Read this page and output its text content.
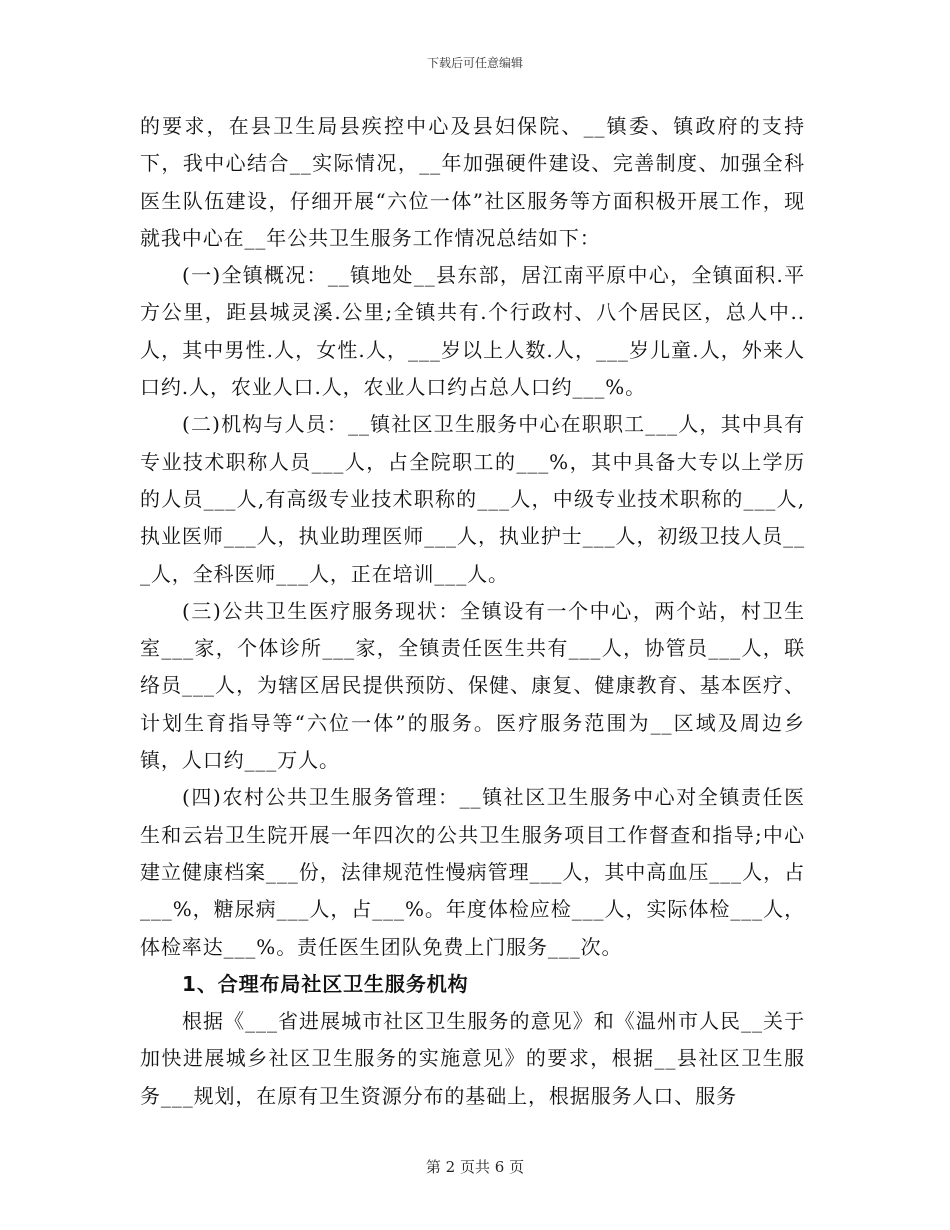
下载后可任意编辑

的要求，在县卫生局县疾控中心及县妇保院、__镇委、镇政府的支持下，我中心结合__实际情况，__年加强硬件建设、完善制度、加强全科医生队伍建设，仔细开展“六位一体”社区服务等方面积极开展工作，现就我中心在__年公共卫生服务工作情况总结如下：

(一)全镇概况：__镇地处__县东部，居江南平原中心，全镇面积.平方公里，距县城灵溪.公里;全镇共有.个行政村、八个居民区，总人中..人，其中男性.人，女性.人，___岁以上人数.人，___岁儿童.人，外来人口约.人，农业人口.人，农业人口约占总人口约___%。

(二)机构与人员：__镇社区卫生服务中心在职职工___人，其中具有专业技术职称人员___人，占全院职工的___%，其中具备大专以上学历的人员___人,有高级专业技术职称的___人，中级专业技术职称的___人,执业医师___人，执业助理医师___人，执业护士___人，初级卫技人员___人，全科医师___人，正在培训___人。

(三)公共卫生医疗服务现状：全镇设有一个中心，两个站，村卫生室___家，个体诊所___家，全镇责任医生共有___人，协管员___人，联络员___人，为辖区居民提供预防、保健、康复、健康教育、基本医疗、计划生育指导等“六位一体”的服务。医疗服务范围为__区域及周边乡镇，人口约___万人。

(四)农村公共卫生服务管理：__镇社区卫生服务中心对全镇责任医生和云岩卫生院开展一年四次的公共卫生服务项目工作督查和指导;中心建立健康档案___份，法律规范性慢病管理___人，其中高血压___人，占___%，糖尿病___人，占___%。年度体检应检___人，实际体检___人，体检率达___%。责任医生团队免费上门服务___次。

1、合理布局社区卫生服务机构

根据《___省进展城市社区卫生服务的意见》和《温州市人民__关于加快进展城乡社区卫生服务的实施意见》的要求，根据__县社区卫生服务___规划，在原有卫生资源分布的基础上，根据服务人口、服务

第 2 页共 6 页
